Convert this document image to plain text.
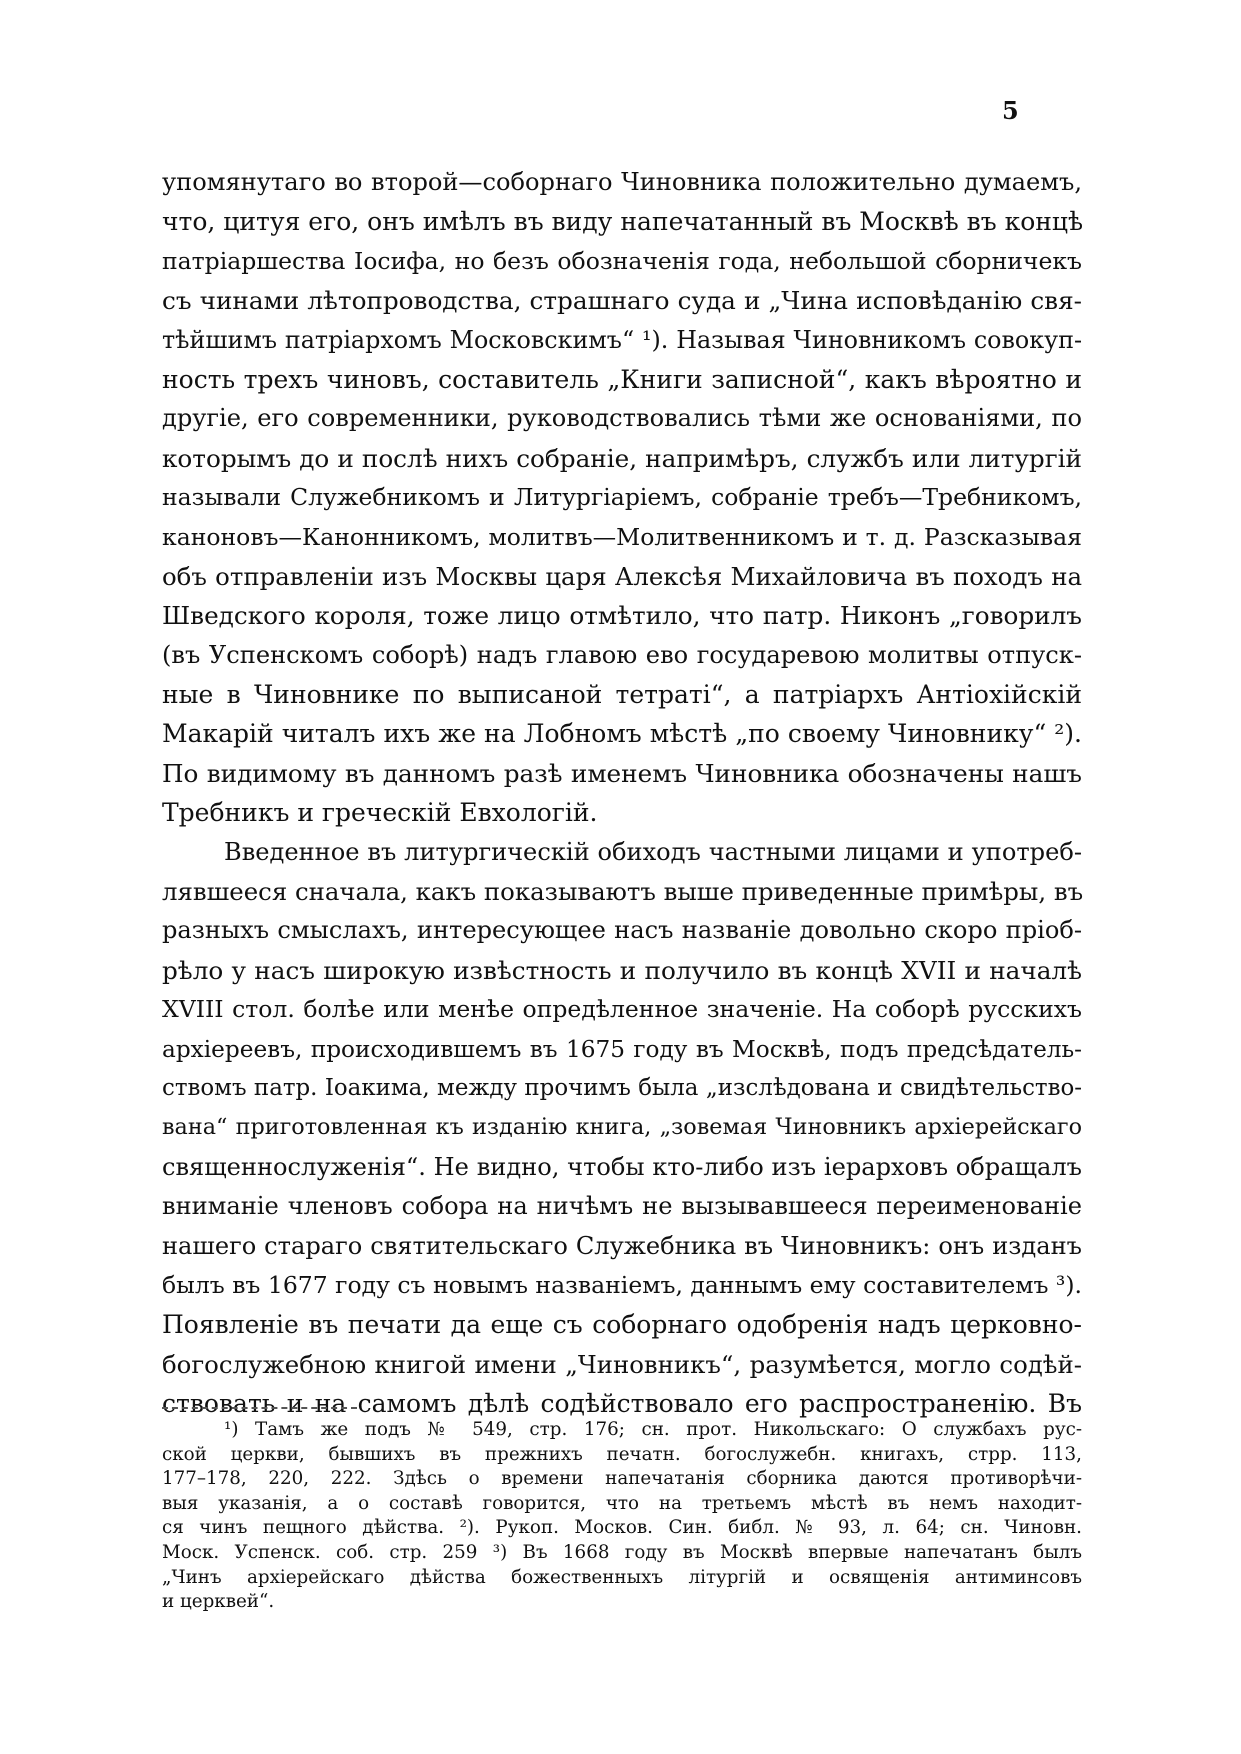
5
упомянутаго во второй—соборнаго Чиновника положительно думаемъ,
что, цитуя его, онъ имѣлъ въ виду напечатанный въ Москвѣ въ концѣ
патріаршества Іосифа, но безъ обозначенія года, небольшой сборничекъ
съ чинами лѣтопроводства, страшнаго суда и „Чина исповѣданію свя-
тѣйшимъ патріархомъ Московскимъ“ ¹). Называя Чиновникомъ совокуп-
ность трехъ чиновъ, составитель „Книги записной“, какъ вѣроятно и
другіе, его современники, руководствовались тѣми же основаніями, по
которымъ до и послѣ нихъ собраніе, напримѣръ, службъ или литургій
называли Служебникомъ и Литургіаріемъ, собраніе требъ—Требникомъ,
каноновъ—Канонникомъ, молитвъ—Молитвенникомъ и т. д. Разсказывая
объ отправленіи изъ Москвы царя Алексѣя Михайловича въ походъ на
Шведского короля, тоже лицо отмѣтило, что патр. Никонъ „говорилъ
(въ Успенскомъ соборѣ) надъ главою ево государевою молитвы отпуск-
ные в Чиновнике по выписаной тетраті“, а патріархъ Антіохійскій
Макарій читалъ ихъ же на Лобномъ мѣстѣ „по своему Чиновнику“ ²).
По видимому въ данномъ разѣ именемъ Чиновника обозначены нашъ
Требникъ и греческій Евхологій.
Введенное въ литургическій обиходъ частными лицами и употреб-
лявшееся сначала, какъ показываютъ выше приведенные примѣры, въ
разныхъ смыслахъ, интересующее насъ названіе довольно скоро пріоб-
рѣло у насъ широкую извѣстность и получило въ концѣ XVII и началѣ
XVIII стол. болѣе или менѣе опредѣленное значеніе. На соборѣ русскихъ
архіереевъ, происходившемъ въ 1675 году въ Москвѣ, подъ предсѣдатель-
ствомъ патр. Іоакима, между прочимъ была „изслѣдована и свидѣтельство-
вана“ приготовленная къ изданію книга, „зовемая Чиновникъ архіерейскаго
священнослуженія“. Не видно, чтобы кто-либо изъ іерарховъ обращалъ
вниманіе членовъ собора на ничѣмъ не вызывавшееся переименованіе
нашего стараго святительскаго Служебника въ Чиновникъ: онъ изданъ
былъ въ 1677 году съ новымъ названіемъ, даннымъ ему составителемъ ³).
Появленіе въ печати да еще съ соборнаго одобренія надъ церковно-
богослужебною книгой имени „Чиновникъ“, разумѣется, могло содѣй-
ствовать и на самомъ дѣлѣ содѣйствовало его распространенію. Въ
¹) Тамъ же подъ № 549, стр. 176; сн. прот. Никольскаго: О службахъ рус-
ской церкви, бывшихъ въ прежнихъ печатн. богослужебн. книгахъ, стрр. 113,
177–178, 220, 222. Здѣсь о времени напечатанія сборника даются противорѣчи-
выя указанія, а о составѣ говорится, что на третьемъ мѣстѣ въ немъ находит-
ся чинъ пещного дѣйства. ²). Рукоп. Москов. Син. библ. № 93, л. 64; сн. Чиновн.
Моск. Успенск. соб. стр. 259 ³) Въ 1668 году въ Москвѣ впервые напечатанъ былъ
„Чинъ архіерейскаго дѣйства божественныхъ літургій и освященія антиминсовъ
и церквей“.
